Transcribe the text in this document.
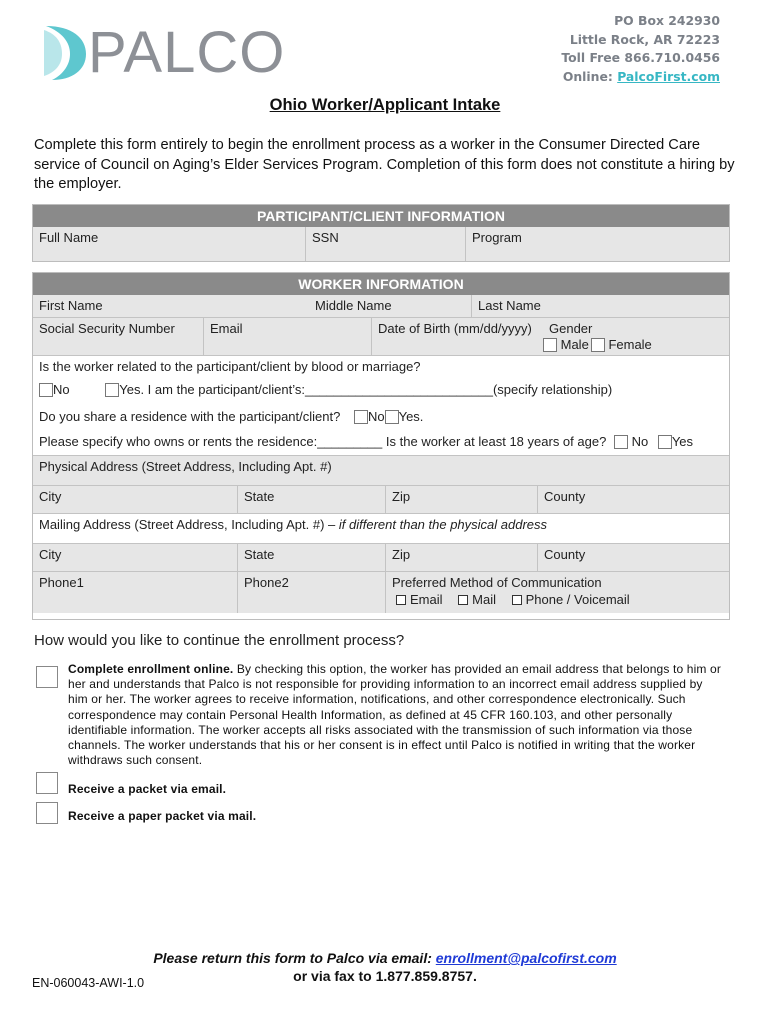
PALCO	PO Box 242930
Little Rock, AR 72223
Toll Free 866.710.0456
Online: PalcoFirst.com
Ohio Worker/Applicant Intake
Complete this form entirely to begin the enrollment process as a worker in the Consumer Directed Care service of Council on Aging’s Elder Services Program. Completion of this form does not constitute a hiring by the employer.
PARTICIPANT/CLIENT INFORMATION
Full Name	SSN	Program
WORKER INFORMATION
First Name	Middle Name	Last Name
Social Security Number	Email	Date of Birth (mm/dd/yyyy)	Gender
Male Female
Is the worker related to the participant/client by blood or marriage?
No	Yes. I am the participant/client’s:__________________________(specify relationship)
Do you share a residence with the participant/client? No Yes.
Please specify who owns or rents the residence:_________ Is the worker at least 18 years of age? No Yes
Physical Address (Street Address, Including Apt. #)
City	State	Zip	County
Mailing Address (Street Address, Including Apt. #) – if different than the physical address
City	State	Zip	County
Phone1	Phone2	Preferred Method of Communication
Email Mail Phone / Voicemail
How would you like to continue the enrollment process?
Complete enrollment online. By checking this option, the worker has provided an email address that belongs to him or her and understands that Palco is not responsible for providing information to an incorrect email address supplied by him or her. The worker agrees to receive information, notifications, and other correspondence electronically. Such correspondence may contain Personal Health Information, as defined at 45 CFR 160.103, and other personally identifiable information. The worker accepts all risks associated with the transmission of such information via those channels. The worker understands that his or her consent is in effect until Palco is notified in writing that the worker withdraws such consent.
Receive a packet via email.
Receive a paper packet via mail.
Please return this form to Palco via email: enrollment@palcofirst.com
or via fax to 1.877.859.8757.
EN-060043-AWI-1.0
